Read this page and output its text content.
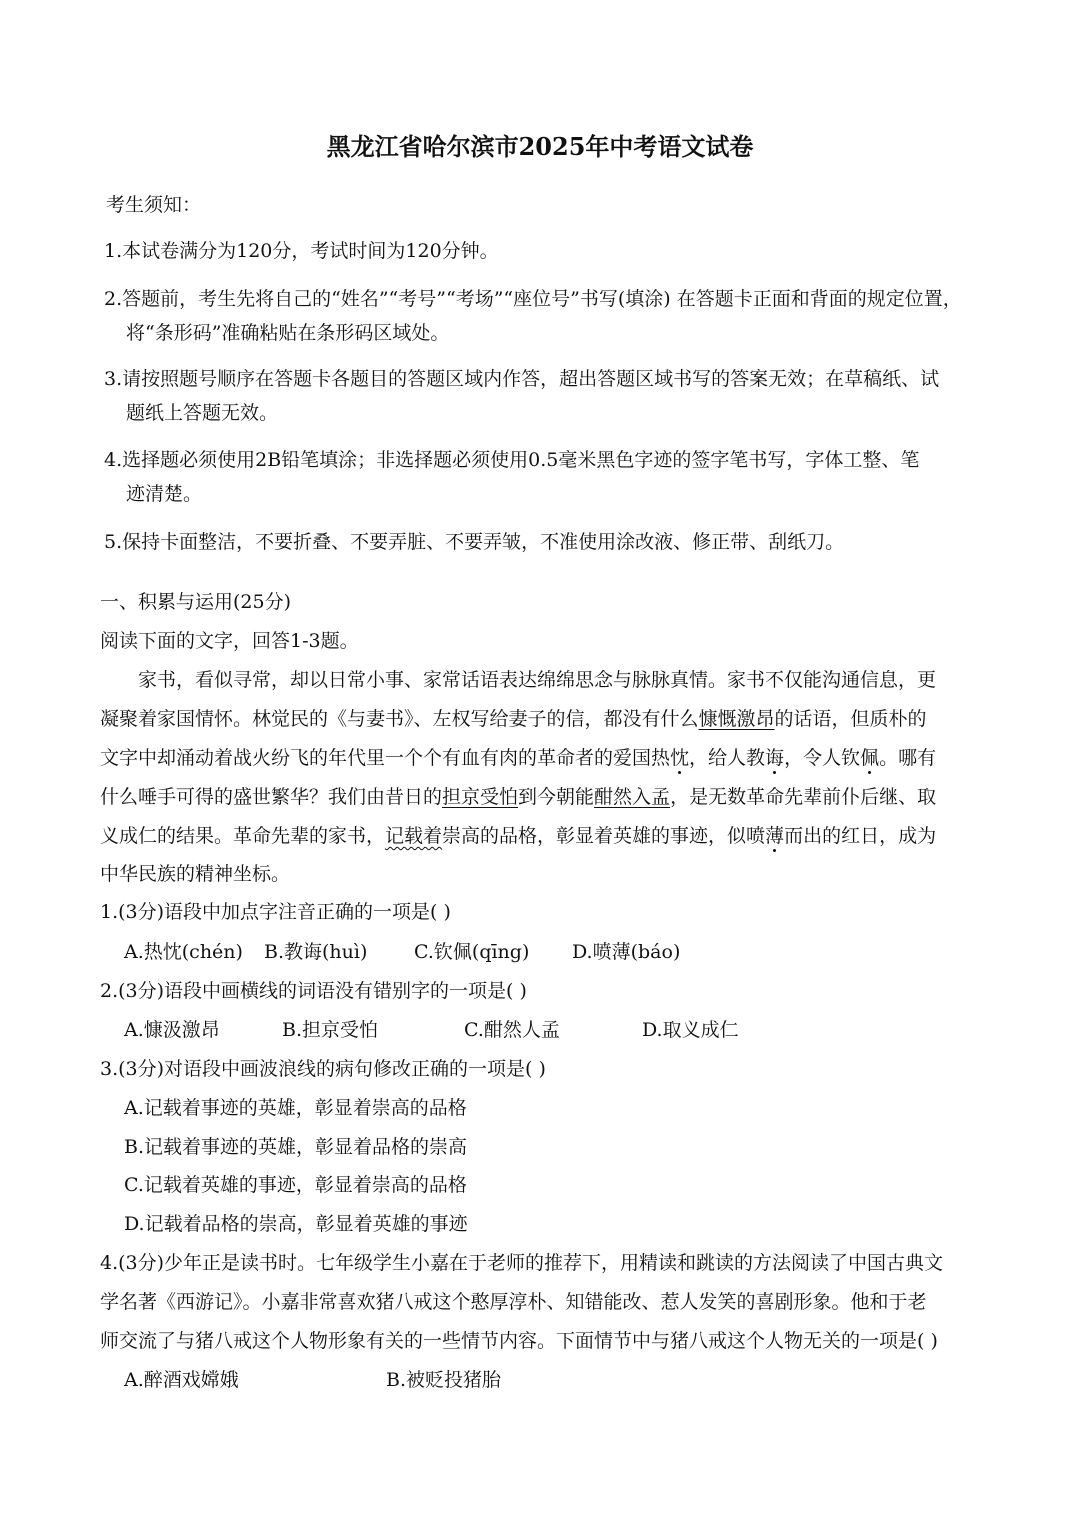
黑龙江省哈尔滨市2025年中考语文试卷
考生须知：
1.本试卷满分为120分，考试时间为120分钟。
2.答题前，考生先将自己的“姓名”“考号”“考场”“座位号”书写(填涂) 在答题卡正面和背面的规定位置，
将“条形码”准确粘贴在条形码区域处。
3.请按照题号顺序在答题卡各题目的答题区域内作答，超出答题区域书写的答案无效；在草稿纸、试
题纸上答题无效。
4.选择题必须使用2B铅笔填涂；非选择题必须使用0.5毫米黑色字迹的签字笔书写，字体工整、笔
迹清楚。
5.保持卡面整洁，不要折叠、不要弄脏、不要弄皱，不准使用涂改液、修正带、刮纸刀。
一、积累与运用(25分)
阅读下面的文字，回答1-3题。
家书，看似寻常，却以日常小事、家常话语表达绵绵思念与脉脉真情。家书不仅能沟通信息，更
凝聚着家国情怀。林觉民的《与妻书》、左权写给妻子的信，都没有什么慷慨激昂的话语，但质朴的
文字中却涌动着战火纷飞的年代里一个个有血有肉的革命者的爱国热忱，给人教诲，令人钦佩。哪有
什么唾手可得的盛世繁华？我们由昔日的担京受怕到今朝能酣然入孟，是无数革命先辈前仆后继、取
义成仁的结果。革命先辈的家书，记载着崇高的品格，彰显着英雄的事迹，似喷薄而出的红日，成为
中华民族的精神坐标。
1.(3分)语段中加点字注音正确的一项是( )
A.热忱(chén) B.教诲(huì) C.钦佩(qīng) D.喷薄(báo)
2.(3分)语段中画横线的词语没有错别字的一项是( )
A.慷汲激昂	B.担京受怕	C.酣然人孟	D.取义成仁
3.(3分)对语段中画波浪线的病句修改正确的一项是( )
A.记载着事迹的英雄，彰显着崇高的品格
B.记载着事迹的英雄，彰显着品格的崇高
C.记载着英雄的事迹，彰显着崇高的品格
D.记载着品格的崇高，彰显着英雄的事迹
4.(3分)少年正是读书时。七年级学生小嘉在于老师的推荐下，用精读和跳读的方法阅读了中国古典文
学名著《西游记》。小嘉非常喜欢猪八戒这个憨厚淳朴、知错能改、惹人发笑的喜剧形象。他和于老
师交流了与猪八戒这个人物形象有关的一些情节内容。下面情节中与猪八戒这个人物无关的一项是( )
A.醉酒戏嫦娥	B.被贬投猪胎
